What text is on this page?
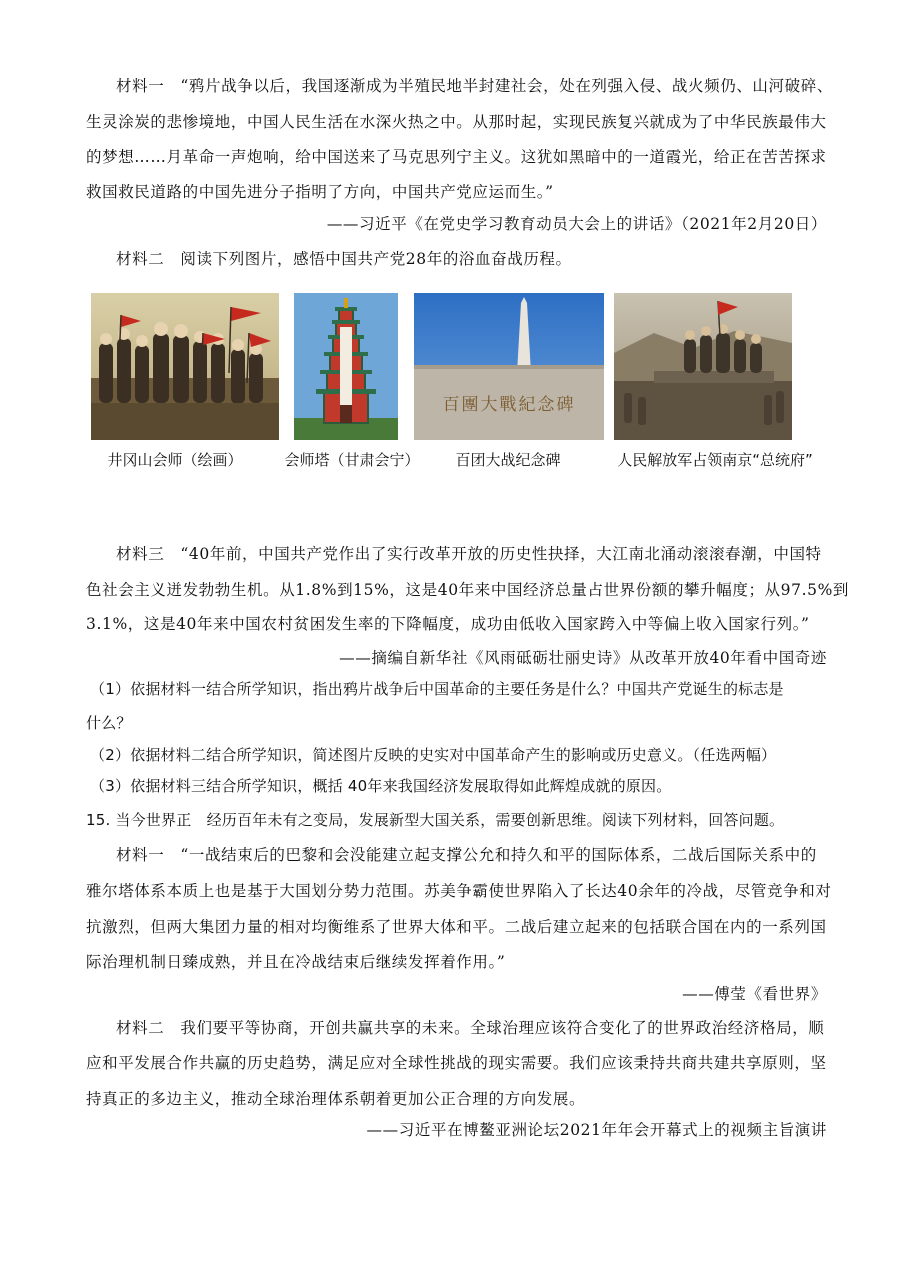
材料一　“鸦片战争以后，我国逐渐成为半殖民地半封建社会，处在列强入侵、战火频仍、山河破碎、
生灵涂炭的悲惨境地，中国人民生活在水深火热之中。从那时起，实现民族复兴就成为了中华民族最伟大
的梦想……月革命一声炮响，给中国送来了马克思列宁主义。这犹如黑暗中的一道霞光，给正在苦苦探求
救国救民道路的中国先进分子指明了方向，中国共产党应运而生。”
——习近平《在党史学习教育动员大会上的讲话》（2021年2月20日）
材料二　阅读下列图片，感悟中国共产党28年的浴血奋战历程。
百團大戰紀念碑
井冈山会师（绘画）	会师塔（甘肃会宁）	百团大战纪念碑	人民解放军占领南京“总统府”
材料三　“40年前，中国共产党作出了实行改革开放的历史性抉择，大江南北涌动滚滚春潮，中国特
色社会主义迸发勃勃生机。从1.8%到15%，这是40年来中国经济总量占世界份额的攀升幅度；从97.5%到
3.1%，这是40年来中国农村贫困发生率的下降幅度，成功由低收入国家跨入中等偏上收入国家行列。”
——摘编自新华社《风雨砥砺壮丽史诗》从改革开放40年看中国奇迹
（1）依据材料一结合所学知识，指出鸦片战争后中国革命的主要任务是什么？中国共产党诞生的标志是
什么？
（2）依据材料二结合所学知识，简述图片反映的史实对中国革命产生的影响或历史意义。（任选两幅）
（3）依据材料三结合所学知识，概括 40年来我国经济发展取得如此辉煌成就的原因。
15. 当今世界正　经历百年未有之变局，发展新型大国关系，需要创新思维。阅读下列材料，回答问题。
材料一　“一战结束后的巴黎和会没能建立起支撑公允和持久和平的国际体系，二战后国际关系中的
雅尔塔体系本质上也是基于大国划分势力范围。苏美争霸使世界陷入了长达40余年的冷战，尽管竞争和对
抗激烈，但两大集团力量的相对均衡维系了世界大体和平。二战后建立起来的包括联合国在内的一系列国
际治理机制日臻成熟，并且在冷战结束后继续发挥着作用。”
——傅莹《看世界》
材料二　我们要平等协商，开创共赢共享的未来。全球治理应该符合变化了的世界政治经济格局，顺
应和平发展合作共赢的历史趋势，满足应对全球性挑战的现实需要。我们应该秉持共商共建共享原则，坚
持真正的多边主义，推动全球治理体系朝着更加公正合理的方向发展。
——习近平在博鳌亚洲论坛2021年年会开幕式上的视频主旨演讲
